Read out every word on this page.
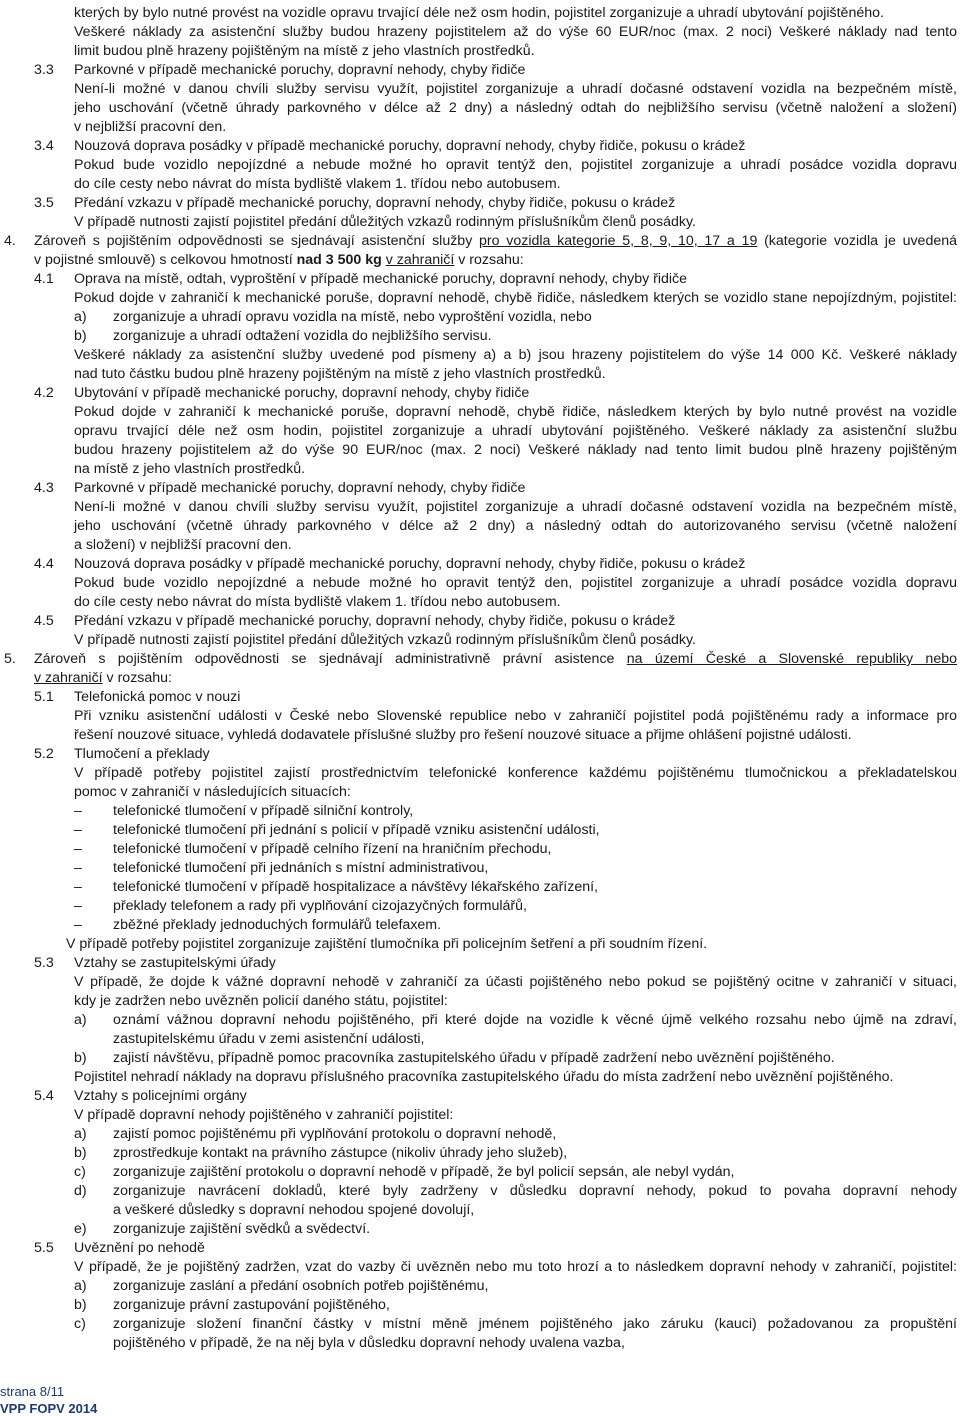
kterých by bylo nutné provést na vozidle opravu trvající déle než osm hodin, pojistitel zorganizuje a uhradí ubytování pojištěného.
Veškeré náklady za asistenční služby budou hrazeny pojistitelem až do výše 60 EUR/noc (max. 2 noci) Veškeré náklady nad tento
limit budou plně hrazeny pojištěným na místě z jeho vlastních prostředků.
3.3 Parkovné v případě mechanické poruchy, dopravní nehody, chyby řidiče
Není-li možné v danou chvíli služby servisu využít, pojistitel zorganizuje a uhradí dočasné odstavení vozidla na bezpečném místě,
jeho uschování (včetně úhrady parkovného v délce až 2 dny) a následný odtah do nejbližšího servisu (včetně naložení a složení)
v nejbližší pracovní den.
3.4 Nouzová doprava posádky v případě mechanické poruchy, dopravní nehody, chyby řidiče, pokusu o krádež
Pokud bude vozidlo nepojízdné a nebude možné ho opravit tentýž den, pojistitel zorganizuje a uhradí posádce vozidla dopravu
do cíle cesty nebo návrat do místa bydliště vlakem 1. třídou nebo autobusem.
3.5 Předání vzkazu v případě mechanické poruchy, dopravní nehody, chyby řidiče, pokusu o krádež
V případě nutnosti zajistí pojistitel předání důležitých vzkazů rodinným příslušníkům členů posádky.
4. Zároveň s pojištěním odpovědnosti se sjednávají asistenční služby pro vozidla kategorie 5, 8, 9, 10, 17 a 19 (kategorie vozidla je uvedená
v pojistné smlouvě) s celkovou hmotností nad 3 500 kg v zahraničí v rozsahu:
4.1 Oprava na místě, odtah, vyproštění v případě mechanické poruchy, dopravní nehody, chyby řidiče
Pokud dojde v zahraničí k mechanické poruše, dopravní nehodě, chybě řidiče, následkem kterých se vozidlo stane nepojízdným, pojistitel:
a) zorganizuje a uhradí opravu vozidla na místě, nebo vyproštění vozidla, nebo
b) zorganizuje a uhradí odtažení vozidla do nejbližšího servisu.
Veškeré náklady za asistenční služby uvedené pod písmeny a) a b) jsou hrazeny pojistitelem do výše 14 000 Kč. Veškeré náklady
nad tuto částku budou plně hrazeny pojištěným na místě z jeho vlastních prostředků.
4.2 Ubytování v případě mechanické poruchy, dopravní nehody, chyby řidiče
Pokud dojde v zahraničí k mechanické poruše, dopravní nehodě, chybě řidiče, následkem kterých by bylo nutné provést na vozidle
opravu trvající déle než osm hodin, pojistitel zorganizuje a uhradí ubytování pojištěného. Veškeré náklady za asistenční službu
budou hrazeny pojistitelem až do výše 90 EUR/noc (max. 2 noci) Veškeré náklady nad tento limit budou plně hrazeny pojištěným
na místě z jeho vlastních prostředků.
4.3 Parkovné v případě mechanické poruchy, dopravní nehody, chyby řidiče
Není-li možné v danou chvíli služby servisu využít, pojistitel zorganizuje a uhradí dočasné odstavení vozidla na bezpečném místě,
jeho uschování (včetně úhrady parkovného v délce až 2 dny) a následný odtah do autorizovaného servisu (včetně naložení
a složení) v nejbližší pracovní den.
4.4 Nouzová doprava posádky v případě mechanické poruchy, dopravní nehody, chyby řidiče, pokusu o krádež
Pokud bude vozidlo nepojízdné a nebude možné ho opravit tentýž den, pojistitel zorganizuje a uhradí posádce vozidla dopravu
do cíle cesty nebo návrat do místa bydliště vlakem 1. třídou nebo autobusem.
4.5 Předání vzkazu v případě mechanické poruchy, dopravní nehody, chyby řidiče, pokusu o krádež
V případě nutnosti zajistí pojistitel předání důležitých vzkazů rodinným příslušníkům členů posádky.
5. Zároveň s pojištěním odpovědnosti se sjednávají administrativně právní asistence na území České a Slovenské republiky nebo
v zahraničí v rozsahu:
5.1 Telefonická pomoc v nouzi
Při vzniku asistenční události v České nebo Slovenské republice nebo v zahraničí pojistitel podá pojištěnému rady a informace pro
řešení nouzové situace, vyhledá dodavatele příslušné služby pro řešení nouzové situace a přijme ohlášení pojistné události.
5.2 Tlumočení a překlady
V případě potřeby pojistitel zajistí prostřednictvím telefonické konference každému pojištěnému tlumočnickou a překladatelskou
pomoc v zahraničí v následujících situacích:
– telefonické tlumočení v případě silniční kontroly,
– telefonické tlumočení při jednání s policií v případě vzniku asistenční události,
– telefonické tlumočení v případě celního řízení na hraničním přechodu,
– telefonické tlumočení při jednáních s místní administrativou,
– telefonické tlumočení v případě hospitalizace a návštěvy lékařského zařízení,
– překlady telefonem a rady při vyplňování cizojazyčných formulářů,
– zběžné překlady jednoduchých formulářů telefaxem.
V případě potřeby pojistitel zorganizuje zajištění tlumočníka při policejním šetření a při soudním řízení.
5.3 Vztahy se zastupitelskými úřady
V případě, že dojde k vážné dopravní nehodě v zahraničí za účasti pojištěného nebo pokud se pojištěný ocitne v zahraničí v situaci,
kdy je zadržen nebo uvězněn policií daného státu, pojistitel:
a) oznámí vážnou dopravní nehodu pojištěného, při které dojde na vozidle k věcné újmě velkého rozsahu nebo újmě na zdraví,
zastupitelskému úřadu v zemi asistenční události,
b) zajistí návštěvu, případně pomoc pracovníka zastupitelského úřadu v případě zadržení nebo uvěznění pojištěného.
Pojistitel nehradí náklady na dopravu příslušného pracovníka zastupitelského úřadu do místa zadržení nebo uvěznění pojištěného.
5.4 Vztahy s policejními orgány
V případě dopravní nehody pojištěného v zahraničí pojistitel:
a) zajistí pomoc pojištěnému při vyplňování protokolu o dopravní nehodě,
b) zprostředkuje kontakt na právního zástupce (nikoliv úhrady jeho služeb),
c) zorganizuje zajištění protokolu o dopravní nehodě v případě, že byl policií sepsán, ale nebyl vydán,
d) zorganizuje navrácení dokladů, které byly zadrženy v důsledku dopravní nehody, pokud to povaha dopravní nehody
a veškeré důsledky s dopravní nehodou spojené dovolují,
e) zorganizuje zajištění svědků a svědectví.
5.5 Uvěznění po nehodě
V případě, že je pojištěný zadržen, vzat do vazby či uvězněn nebo mu toto hrozí a to následkem dopravní nehody v zahraničí, pojistitel:
a) zorganizuje zaslání a předání osobních potřeb pojištěnému,
b) zorganizuje právní zastupování pojištěného,
c) zorganizuje složení finanční částky v místní měně jménem pojištěného jako záruku (kauci) požadovanou za propuštění
pojištěného v případě, že na něj byla v důsledku dopravní nehody uvalena vazba,
strana 8/11
VPP FOPV 2014
